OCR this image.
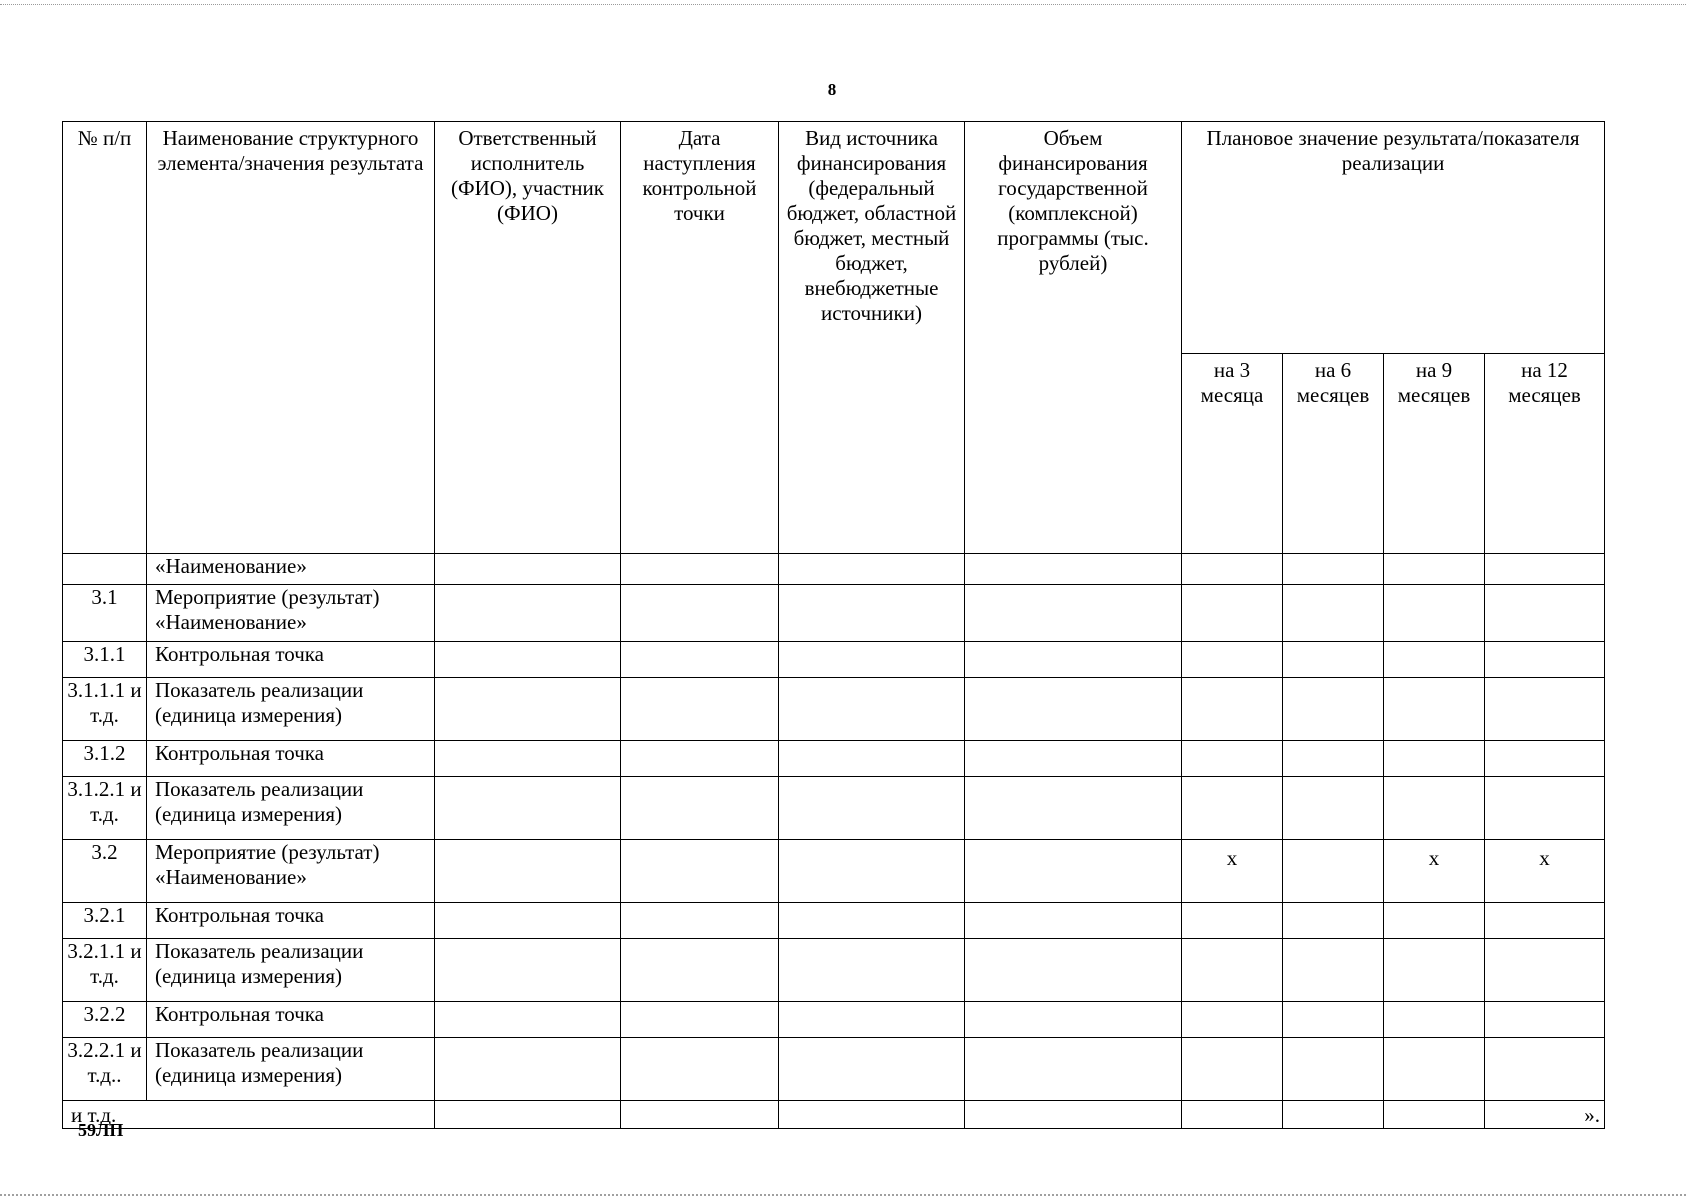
8
№ п/п	Наименование структурного элемента/значения результата	Ответственный исполнитель (ФИО), участник (ФИО)	Дата наступления контрольной точки	Вид источника финансирования (федеральный бюджет, областной бюджет, местный бюджет, внебюджетные источники)	Объем финансирования государственной (комплексной) программы (тыс. рублей)	Плановое значение результата/показателя реализации			
						на 3 месяца	на 6 месяцев	на 9 месяцев	на 12 месяцев
	«Наименование»								
3.1	Мероприятие (результат) «Наименование»								
3.1.1	Контрольная точка								
3.1.1.1 и т.д.	Показатель реализации (единица измерения)								
3.1.2	Контрольная точка								
3.1.2.1 и т.д.	Показатель реализации (единица измерения)								
3.2	Мероприятие (результат) «Наименование»					x		x	x
3.2.1	Контрольная точка								
3.2.1.1 и т.д.	Показатель реализации (единица измерения)								
3.2.2	Контрольная точка								
3.2.2.1 и т.д..	Показатель реализации (единица измерения)								
и т.д.									».
59ЛП
